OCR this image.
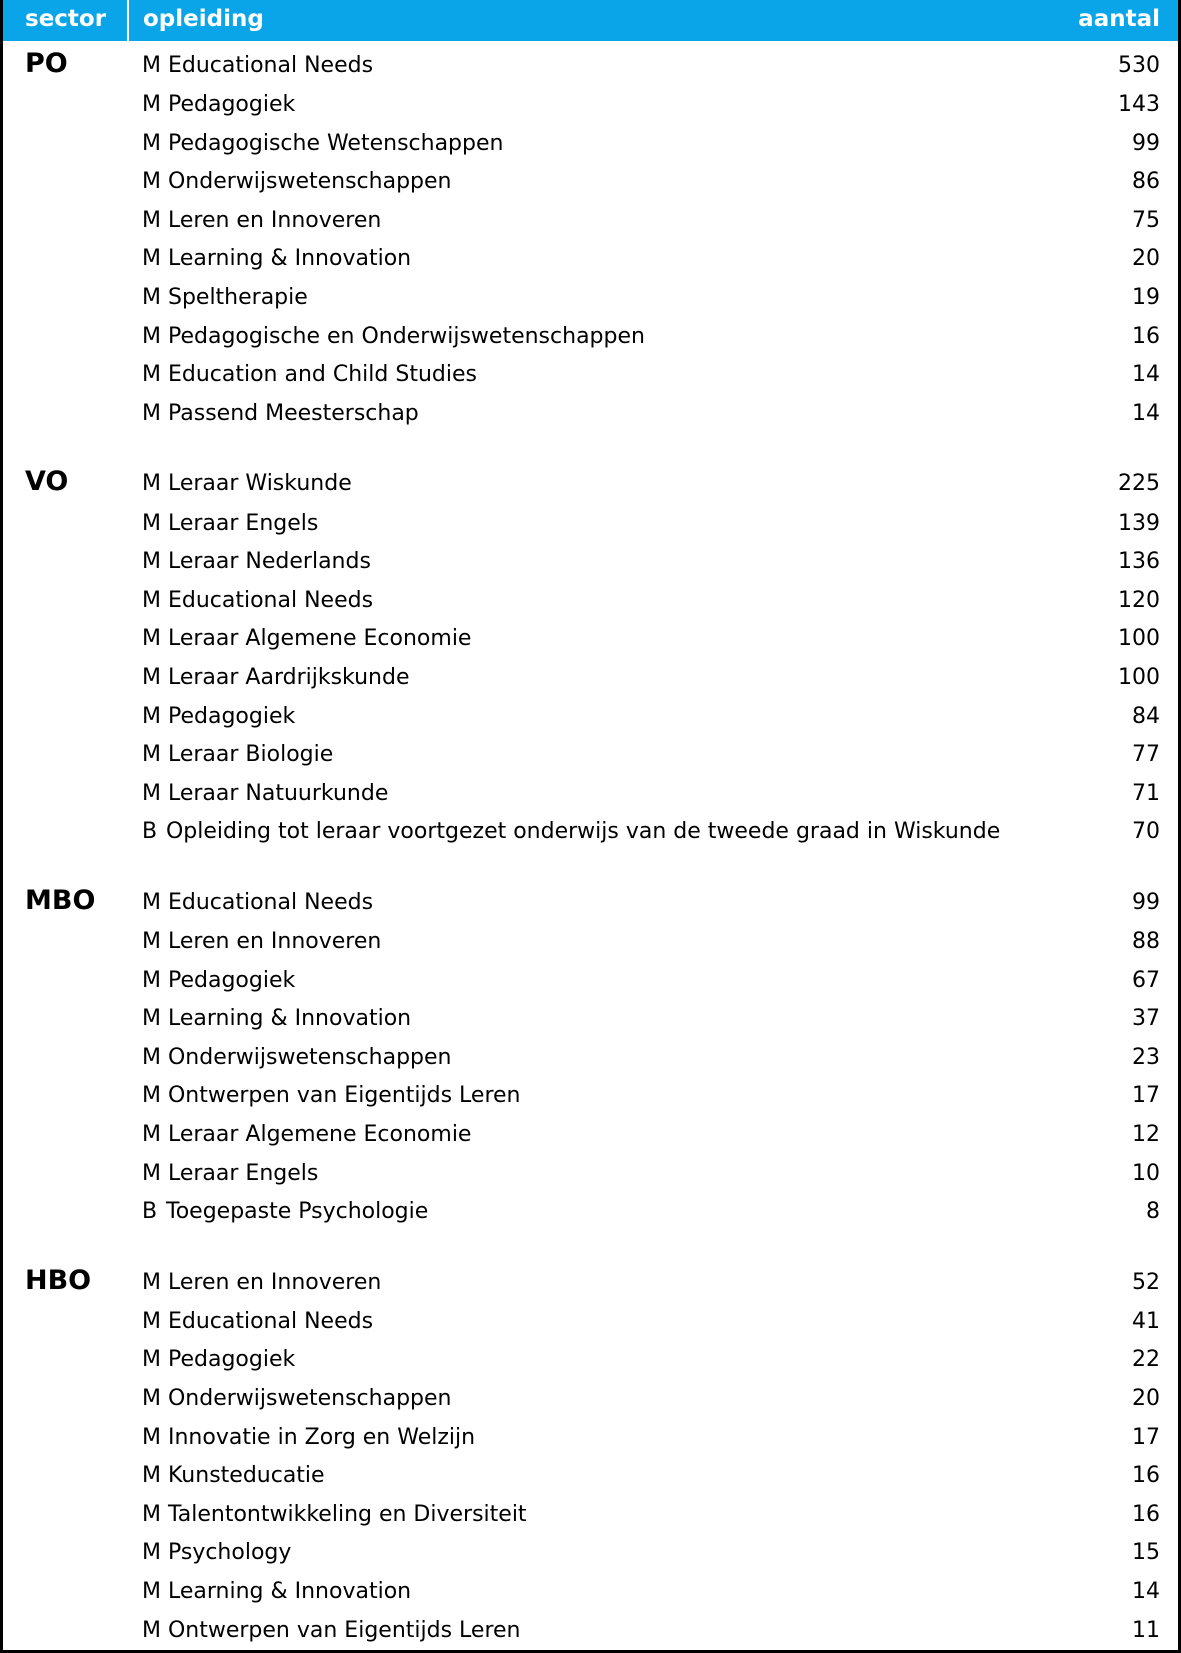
sector	opleiding	aantal
PO	M Educational Needs	530
	M Pedagogiek	143
	M Pedagogische Wetenschappen	99
	M Onderwijswetenschappen	86
	M Leren en Innoveren	75
	M Learning & Innovation	20
	M Speltherapie	19
	M Pedagogische en Onderwijswetenschappen	16
	M Education and Child Studies	14
	M Passend Meesterschap	14

VO	M Leraar Wiskunde	225
	M Leraar Engels	139
	M Leraar Nederlands	136
	M Educational Needs	120
	M Leraar Algemene Economie	100
	M Leraar Aardrijkskunde	100
	M Pedagogiek	84
	M Leraar Biologie	77
	M Leraar Natuurkunde	71
	B Opleiding tot leraar voortgezet onderwijs van de tweede graad in Wiskunde	70

MBO	M Educational Needs	99
	M Leren en Innoveren	88
	M Pedagogiek	67
	M Learning & Innovation	37
	M Onderwijswetenschappen	23
	M Ontwerpen van Eigentijds Leren	17
	M Leraar Algemene Economie	12
	M Leraar Engels	10
	B Toegepaste Psychologie	8

HBO	M Leren en Innoveren	52
	M Educational Needs	41
	M Pedagogiek	22
	M Onderwijswetenschappen	20
	M Innovatie in Zorg en Welzijn	17
	M Kunsteducatie	16
	M Talentontwikkeling en Diversiteit	16
	M Psychology	15
	M Learning & Innovation	14
	M Ontwerpen van Eigentijds Leren	11
